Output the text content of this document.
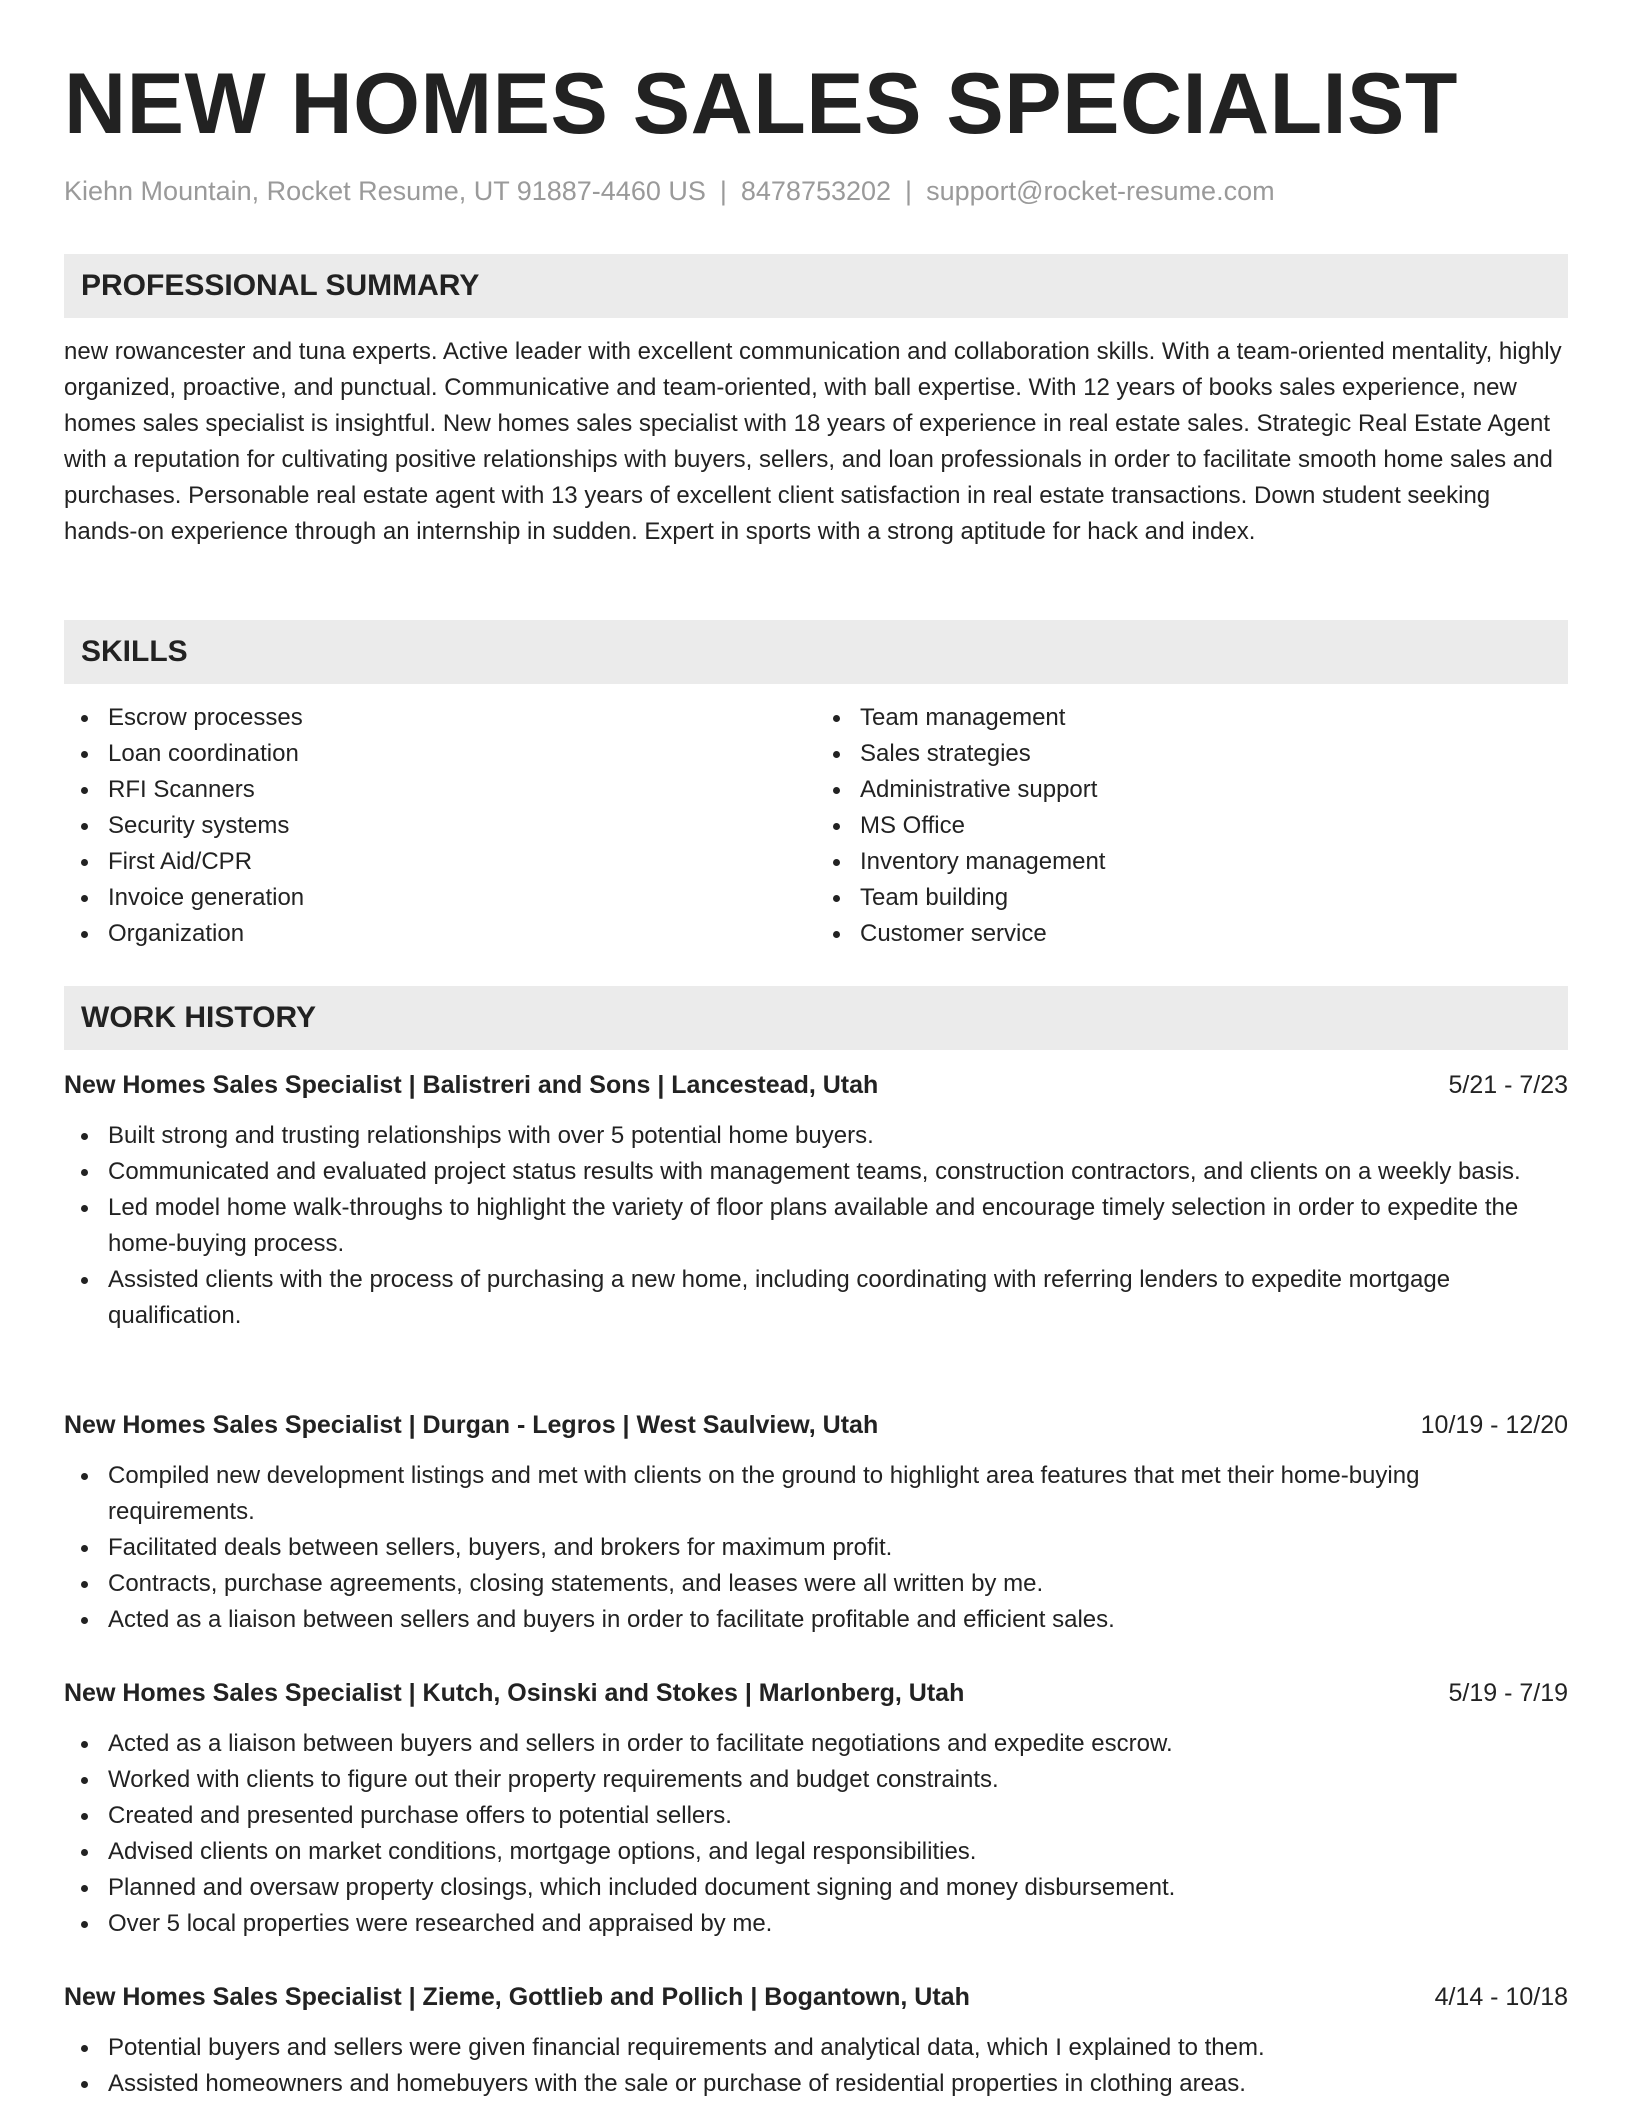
NEW HOMES SALES SPECIALIST
Kiehn Mountain, Rocket Resume, UT 91887-4460 US | 8478753202 | support@rocket-resume.com
PROFESSIONAL SUMMARY

new rowancester and tuna experts. Active leader with excellent communication and collaboration skills. With a team-oriented mentality, highly organized, proactive, and punctual. Communicative and team-oriented, with ball expertise. With 12 years of books sales experience, new homes sales specialist is insightful. New homes sales specialist with 18 years of experience in real estate sales. Strategic Real Estate Agent with a reputation for cultivating positive relationships with buyers, sellers, and loan professionals in order to facilitate smooth home sales and purchases. Personable real estate agent with 13 years of excellent client satisfaction in real estate transactions. Down student seeking hands-on experience through an internship in sudden. Expert in sports with a strong aptitude for hack and index.

SKILLS
Escrow processes
Loan coordination
RFI Scanners
Security systems
First Aid/CPR
Invoice generation
Organization
Team management
Sales strategies
Administrative support
MS Office
Inventory management
Team building
Customer service
WORK HISTORY
New Homes Sales Specialist | Balistreri and Sons | Lancestead, Utah	5/21 - 7/23
Built strong and trusting relationships with over 5 potential home buyers.
Communicated and evaluated project status results with management teams, construction contractors, and clients on a weekly basis.
Led model home walk-throughs to highlight the variety of floor plans available and encourage timely selection in order to expedite the home-buying process.
Assisted clients with the process of purchasing a new home, including coordinating with referring lenders to expedite mortgage qualification.
New Homes Sales Specialist | Durgan - Legros | West Saulview, Utah	10/19 - 12/20
Compiled new development listings and met with clients on the ground to highlight area features that met their home-buying requirements.
Facilitated deals between sellers, buyers, and brokers for maximum profit.
Contracts, purchase agreements, closing statements, and leases were all written by me.
Acted as a liaison between sellers and buyers in order to facilitate profitable and efficient sales.
New Homes Sales Specialist | Kutch, Osinski and Stokes | Marlonberg, Utah	5/19 - 7/19
Acted as a liaison between buyers and sellers in order to facilitate negotiations and expedite escrow.
Worked with clients to figure out their property requirements and budget constraints.
Created and presented purchase offers to potential sellers.
Advised clients on market conditions, mortgage options, and legal responsibilities.
Planned and oversaw property closings, which included document signing and money disbursement.
Over 5 local properties were researched and appraised by me.
New Homes Sales Specialist | Zieme, Gottlieb and Pollich | Bogantown, Utah	4/14 - 10/18
Potential buyers and sellers were given financial requirements and analytical data, which I explained to them.
Assisted homeowners and homebuyers with the sale or purchase of residential properties in clothing areas.
